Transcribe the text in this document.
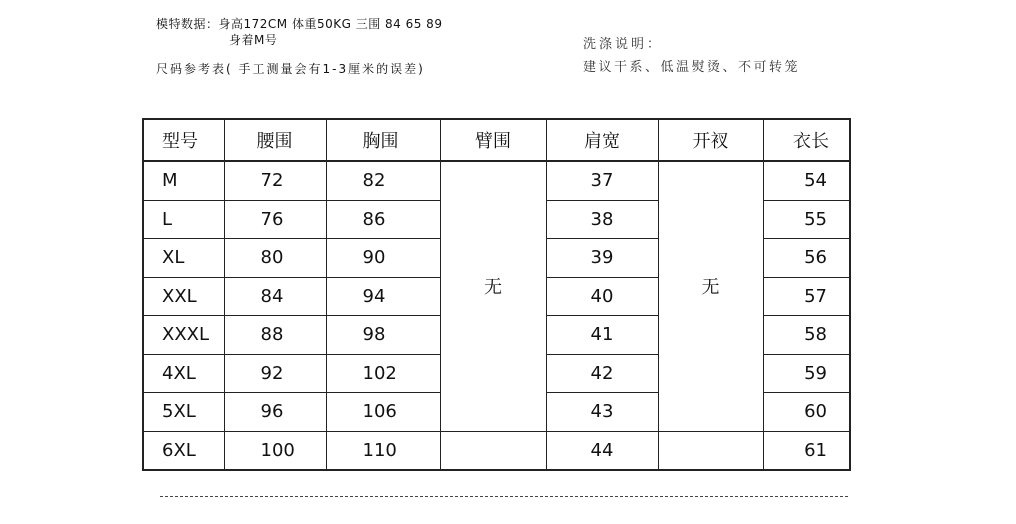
模特数据：身高172CM 体重50KG 三围 84 65 89
身着M号
尺码参考表( 手工测量会有1-3厘米的误差)
洗涤说明：
建议干系、低温熨烫、不可转笼
型号	腰围	胸围	臂围	肩宽	开衩	衣长
M	72	82	无	37	无	54
L	76	86		38		55
XL	80	90		39		56
XXL	84	94		40		57
XXXL	88	98		41		58
4XL	92	102		42		59
5XL	96	106		43		60
6XL	100	110		44		61
